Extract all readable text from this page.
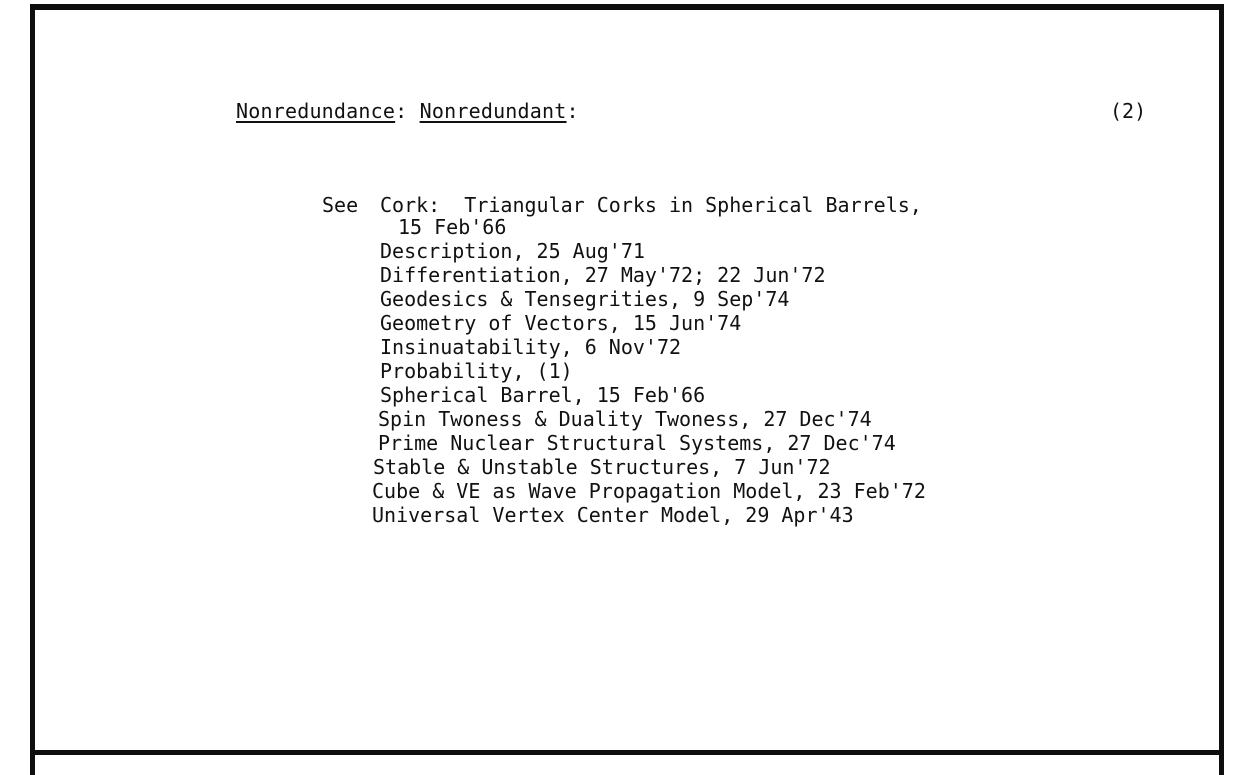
Nonredundance: Nonredundant:	(2)
See Cork:  Triangular Corks in Spherical Barrels,
15 Feb'66
Description, 25 Aug'71
Differentiation, 27 May'72; 22 Jun'72
Geodesics & Tensegrities, 9 Sep'74
Geometry of Vectors, 15 Jun'74
Insinuatability, 6 Nov'72
Probability, (1)
Spherical Barrel, 15 Feb'66
Spin Twoness & Duality Twoness, 27 Dec'74
Prime Nuclear Structural Systems, 27 Dec'74
Stable & Unstable Structures, 7 Jun'72
Cube & VE as Wave Propagation Model, 23 Feb'72
Universal Vertex Center Model, 29 Apr'43
